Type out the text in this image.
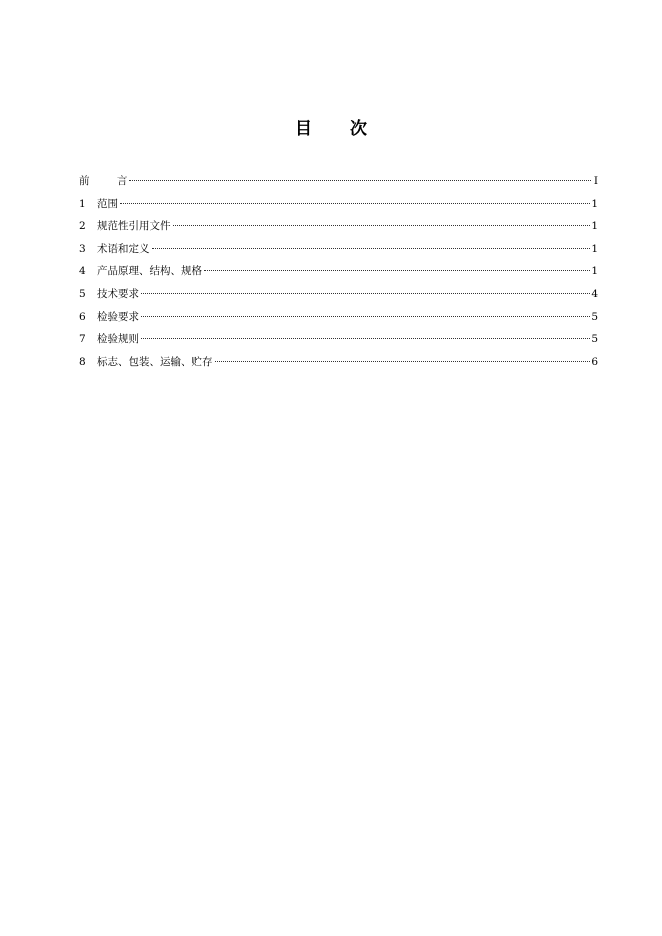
目 次
前 言	I
1	范围	1
2	规范性引用文件	1
3	术语和定义	1
4	产品原理、结构、规格	1
5	技术要求	4
6	检验要求	5
7	检验规则	5
8	标志、包装、运输、贮存	6
